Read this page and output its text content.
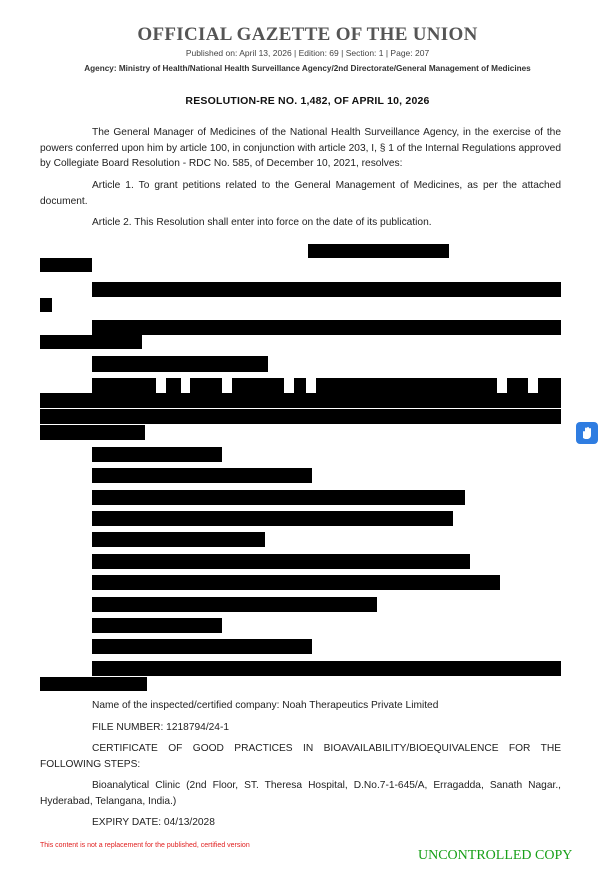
OFFICIAL GAZETTE OF THE UNION
Published on: April 13, 2026 | Edition: 69 | Section: 1 | Page: 207
Agency: Ministry of Health/National Health Surveillance Agency/2nd Directorate/General Management of Medicines
RESOLUTION-RE NO. 1,482, OF APRIL 10, 2026
The General Manager of Medicines of the National Health Surveillance Agency, in the exercise of the powers conferred upon him by article 100, in conjunction with article 203, I, § 1 of the Internal Regulations approved by Collegiate Board Resolution - RDC No. 585, of December 10, 2021, resolves:
Article 1. To grant petitions related to the General Management of Medicines, as per the attached document.
Article 2. This Resolution shall enter into force on the date of its publication.
Name of the inspected/certified company: Noah Therapeutics Private Limited
FILE NUMBER: 1218794/24-1
CERTIFICATE OF GOOD PRACTICES IN BIOAVAILABILITY/BIOEQUIVALENCE FOR THE FOLLOWING STEPS:
Bioanalytical Clinic (2nd Floor, ST. Theresa Hospital, D.No.7-1-645/A, Erragadda, Sanath Nagar., Hyderabad, Telangana, India.)
EXPIRY DATE: 04/13/2028
This content is not a replacement for the published, certified version
UNCONTROLLED COPY
